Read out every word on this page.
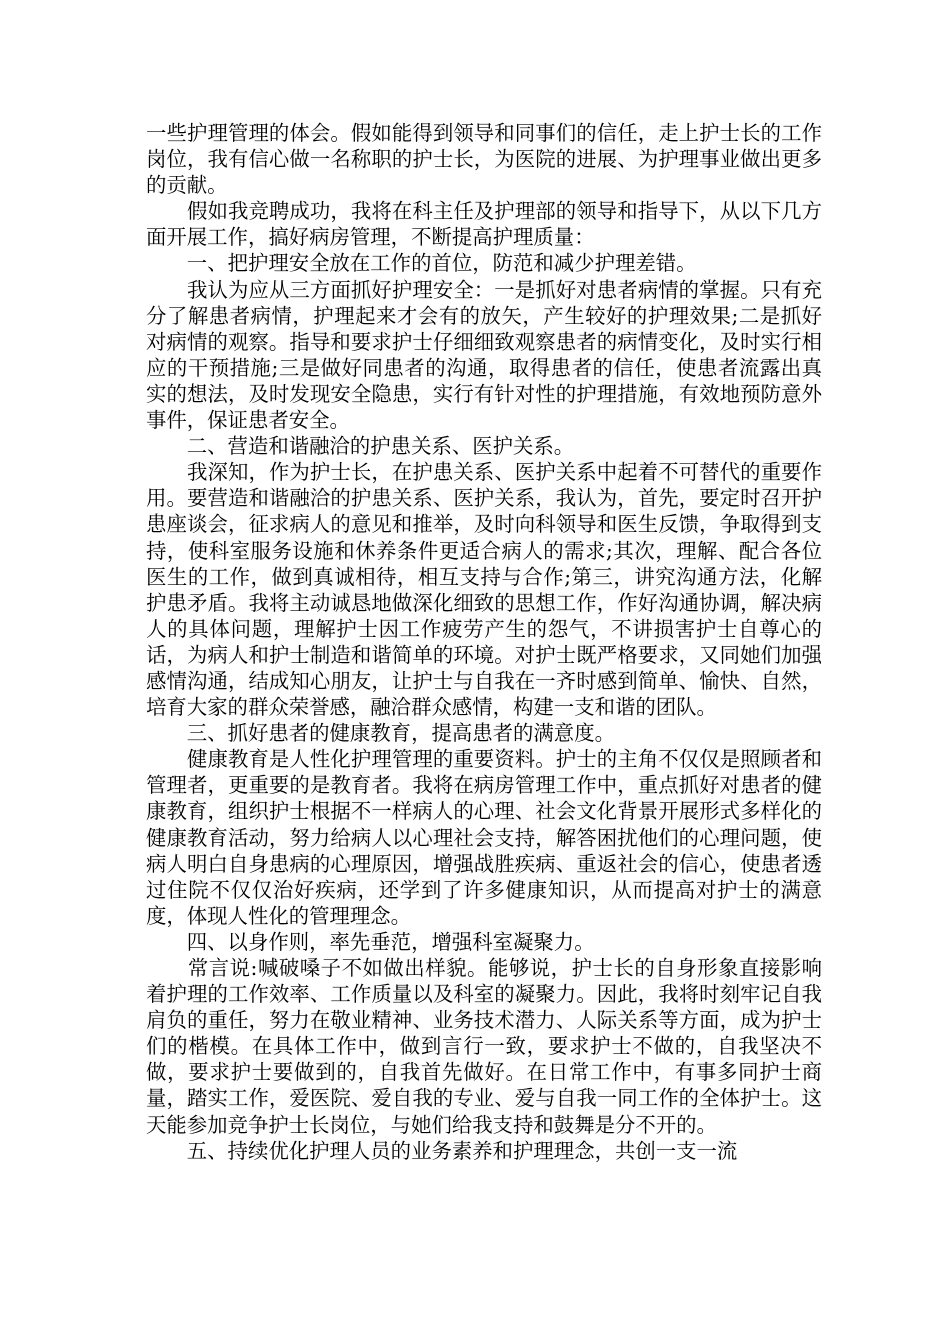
一些护理管理的体会。假如能得到领导和同事们的信任，走上护士长的工作岗位，我有信心做一名称职的护士长，为医院的进展、为护理事业做出更多的贡献。

　　假如我竞聘成功，我将在科主任及护理部的领导和指导下，从以下几方面开展工作，搞好病房管理，不断提高护理质量：

　　一、把护理安全放在工作的首位，防范和减少护理差错。

　　我认为应从三方面抓好护理安全：一是抓好对患者病情的掌握。只有充分了解患者病情，护理起来才会有的放矢，产生较好的护理效果;二是抓好对病情的观察。指导和要求护士仔细细致观察患者的病情变化，及时实行相应的干预措施;三是做好同患者的沟通，取得患者的信任，使患者流露出真实的想法，及时发现安全隐患，实行有针对性的护理措施，有效地预防意外事件，保证患者安全。

　　二、营造和谐融洽的护患关系、医护关系。

　　我深知，作为护士长，在护患关系、医护关系中起着不可替代的重要作用。要营造和谐融洽的护患关系、医护关系，我认为，首先，要定时召开护患座谈会，征求病人的意见和推举，及时向科领导和医生反馈，争取得到支持，使科室服务设施和休养条件更适合病人的需求;其次，理解、配合各位医生的工作，做到真诚相待，相互支持与合作;第三，讲究沟通方法，化解护患矛盾。我将主动诚恳地做深化细致的思想工作，作好沟通协调，解决病人的具体问题，理解护士因工作疲劳产生的怨气，不讲损害护士自尊心的话，为病人和护士制造和谐简单的环境。对护士既严格要求，又同她们加强感情沟通，结成知心朋友，让护士与自我在一齐时感到简单、愉快、自然，培育大家的群众荣誉感，融洽群众感情，构建一支和谐的团队。

　　三、抓好患者的健康教育，提高患者的满意度。

　　健康教育是人性化护理管理的重要资料。护士的主角不仅仅是照顾者和管理者，更重要的是教育者。我将在病房管理工作中，重点抓好对患者的健康教育，组织护士根据不一样病人的心理、社会文化背景开展形式多样化的健康教育活动，努力给病人以心理社会支持，解答困扰他们的心理问题，使病人明白自身患病的心理原因，增强战胜疾病、重返社会的信心，使患者透过住院不仅仅治好疾病，还学到了许多健康知识，从而提高对护士的满意度，体现人性化的管理理念。

　　四、以身作则，率先垂范，增强科室凝聚力。

　　常言说:喊破嗓子不如做出样貌。能够说，护士长的自身形象直接影响着护理的工作效率、工作质量以及科室的凝聚力。因此，我将时刻牢记自我肩负的重任，努力在敬业精神、业务技术潜力、人际关系等方面，成为护士们的楷模。在具体工作中，做到言行一致，要求护士不做的，自我坚决不做，要求护士要做到的，自我首先做好。在日常工作中，有事多同护士商量，踏实工作，爱医院、爱自我的专业、爱与自我一同工作的全体护士。这天能参加竞争护士长岗位，与她们给我支持和鼓舞是分不开的。

　　五、持续优化护理人员的业务素养和护理理念，共创一支一流
